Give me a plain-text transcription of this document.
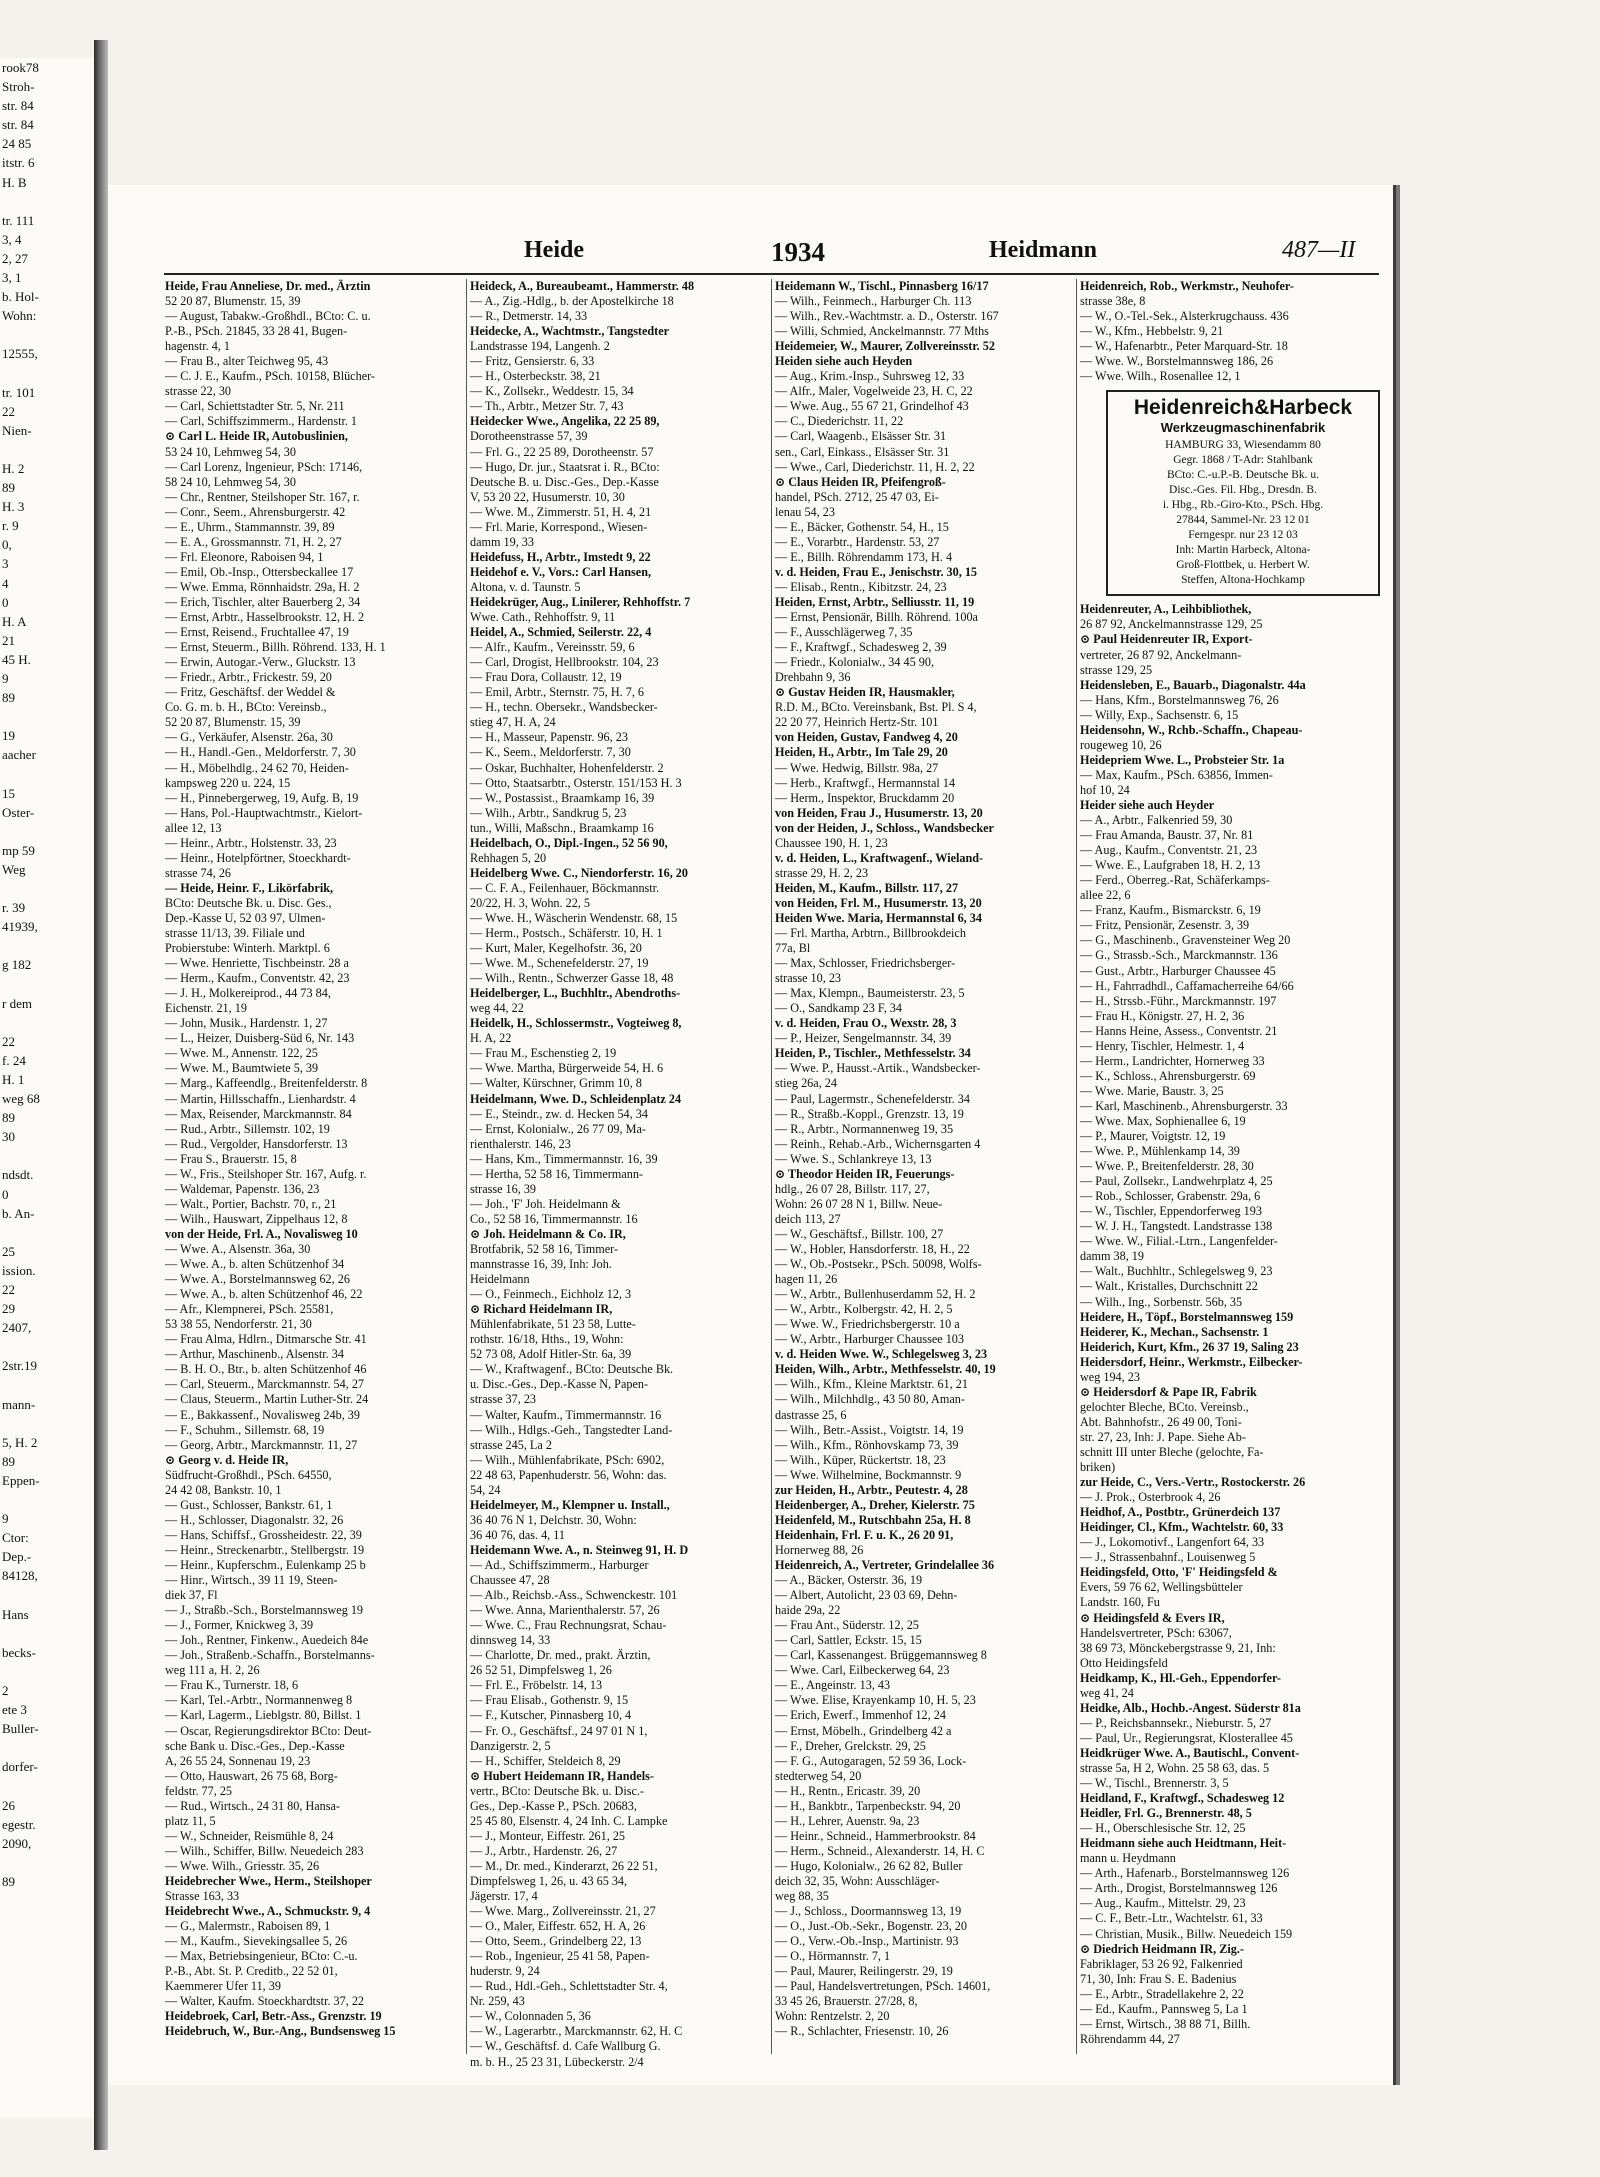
rook78
Stroh-
str. 84
str. 84
24 85
itstr. 6
H. B

tr. 111
3, 4
2, 27
3, 1
b. Hol-
Wohn:

12555,

tr. 101
22
Nien-

H. 2
89
H. 3
r. 9
0,
3
4
0
H. A
21
45 H.
9
89

19
aacher

15
Oster-

mp 59
Weg

r. 39
41939,

g 182

r dem

22
f. 24
H. 1
weg 68
89
30

ndsdt.
0
b. An-

25
ission.
22
29
2407,

2str.19

mann-

5, H. 2
89
Eppen-

9
Ctor:
Dep.-
84128,

Hans

becks-

2
ete 3
Buller-

dorfer-

26
egestr.
2090,

89
Heide	1934	Heidmann	487—II
Heide, Frau Anneliese, Dr. med., Ärztin
52 20 87, Blumenstr. 15, 39
— August, Tabakw.-Großhdl., BCto: C. u.
P.-B., PSch. 21845, 33 28 41, Bugen-
hagenstr. 4, 1
— Frau B., alter Teichweg 95, 43
— C. J. E., Kaufm., PSch. 10158, Blücher-
strasse 22, 30
— Carl, Schiettstadter Str. 5, Nr. 211
— Carl, Schiffszimmerm., Hardenstr. 1
⊙ Carl L. Heide IR, Autobuslinien,
53 24 10, Lehmweg 54, 30
— Carl Lorenz, Ingenieur, PSch: 17146,
58 24 10, Lehmweg 54, 30
— Chr., Rentner, Steilshoper Str. 167, r.
— Conr., Seem., Ahrensburgerstr. 42
— E., Uhrm., Stammannstr. 39, 89
— E. A., Grossmannstr. 71, H. 2, 27
— Frl. Eleonore, Raboisen 94, 1
— Emil, Ob.-Insp., Ottersbeckallee 17
— Wwe. Emma, Rönnhaidstr. 29a, H. 2
— Erich, Tischler, alter Bauerberg 2, 34
— Ernst, Arbtr., Hasselbrookstr. 12, H. 2
— Ernst, Reisend., Fruchtallee 47, 19
— Ernst, Steuerm., Billh. Röhrend. 133, H. 1
— Erwin, Autogar.-Verw., Gluckstr. 13
— Friedr., Arbtr., Frickestr. 59, 20
— Fritz, Geschäftsf. der Weddel &
Co. G. m. b. H., BCto: Vereinsb.,
52 20 87, Blumenstr. 15, 39
— G., Verkäufer, Alsenstr. 26a, 30
— H., Handl.-Gen., Meldorferstr. 7, 30
— H., Möbelhdlg., 24 62 70, Heiden-
kampsweg 220 u. 224, 15
— H., Pinnebergerweg, 19, Aufg. B, 19
— Hans, Pol.-Hauptwachtmstr., Kielort-
allee 12, 13
— Heinr., Arbtr., Holstenstr. 33, 23
— Heinr., Hotelpförtner, Stoeckhardt-
strasse 74, 26
— Heide, Heinr. F., Likörfabrik,
BCto: Deutsche Bk. u. Disc. Ges.,
Dep.-Kasse U, 52 03 97, Ulmen-
strasse 11/13, 39. Filiale und
Probierstube: Winterh. Marktpl. 6
— Wwe. Henriette, Tischbeinstr. 28 a
— Herm., Kaufm., Conventstr. 42, 23
— J. H., Molkereiprod., 44 73 84,
Eichenstr. 21, 19
— John, Musik., Hardenstr. 1, 27
— L., Heizer, Duisberg-Süd 6, Nr. 143
— Wwe. M., Annenstr. 122, 25
— Wwe. M., Baumtwiete 5, 39
— Marg., Kaffeendlg., Breitenfelderstr. 8
— Martin, Hillsschaffn., Lienhardstr. 4
— Max, Reisender, Marckmannstr. 84
— Rud., Arbtr., Sillemstr. 102, 19
— Rud., Vergolder, Hansdorferstr. 13
— Frau S., Brauerstr. 15, 8
— W., Fris., Steilshoper Str. 167, Aufg. r.
— Waldemar, Papenstr. 136, 23
— Walt., Portier, Bachstr. 70, r., 21
— Wilh., Hauswart, Zippelhaus 12, 8
von der Heide, Frl. A., Novalisweg 10
— Wwe. A., Alsenstr. 36a, 30
— Wwe. A., b. alten Schützenhof 34
— Wwe. A., Borstelmannsweg 62, 26
— Wwe. A., b. alten Schützenhof 46, 22
— Afr., Klempnerei, PSch. 25581,
53 38 55, Nendorferstr. 21, 30
— Frau Alma, Hdlrn., Ditmarsche Str. 41
— Arthur, Maschinenb., Alsenstr. 34
— B. H. O., Btr., b. alten Schützenhof 46
— Carl, Steuerm., Marckmannstr. 54, 27
— Claus, Steuerm., Martin Luther-Str. 24
— E., Bakkassenf., Novalisweg 24b, 39
— F., Schuhm., Sillemstr. 68, 19
— Georg, Arbtr., Marckmannstr. 11, 27
⊙ Georg v. d. Heide IR,
Südfrucht-Großhdl., PSch. 64550,
24 42 08, Bankstr. 10, 1
— Gust., Schlosser, Bankstr. 61, 1
— H., Schlosser, Diagonalstr. 32, 26
— Hans, Schiffsf., Grossheidestr. 22, 39
— Heinr., Streckenarbtr., Stellbergstr. 19
— Heinr., Kupferschm., Eulenkamp 25 b
— Hinr., Wirtsch., 39 11 19, Steen-
diek 37, Fl
— J., Straßb.-Sch., Borstelmannsweg 19
— J., Former, Knickweg 3, 39
— Joh., Rentner, Finkenw., Auedeich 84e
— Joh., Straßenb.-Schaffn., Borstelmanns-
weg 111 a, H. 2, 26
— Frau K., Turnerstr. 18, 6
— Karl, Tel.-Arbtr., Normannenweg 8
— Karl, Lagerm., Lieblgstr. 80, Billst. 1
— Oscar, Regierungsdirektor BCto: Deut-
sche Bank u. Disc.-Ges., Dep.-Kasse
A, 26 55 24, Sonnenau 19, 23
— Otto, Hauswart, 26 75 68, Borg-
feldstr. 77, 25
— Rud., Wirtsch., 24 31 80, Hansa-
platz 11, 5
— W., Schneider, Reismühle 8, 24
— Wilh., Schiffer, Billw. Neuedeich 283
— Wwe. Wilh., Griesstr. 35, 26
Heidebrecher Wwe., Herm., Steilshoper
Strasse 163, 33
Heidebrecht Wwe., A., Schmuckstr. 9, 4
— G., Malermstr., Raboisen 89, 1
— M., Kaufm., Sievekingsallee 5, 26
— Max, Betriebsingenieur, BCto: C.-u.
P.-B., Abt. St. P. Creditb., 22 52 01,
Kaemmerer Ufer 11, 39
— Walter, Kaufm. Stoeckhardtstr. 37, 22
Heidebroek, Carl, Betr.-Ass., Grenzstr. 19
Heidebruch, W., Bur.-Ang., Bundsensweg 15
Heideck, A., Bureaubeamt., Hammerstr. 48
— A., Zig.-Hdlg., b. der Apostelkirche 18
— R., Detmerstr. 14, 33
Heidecke, A., Wachtmstr., Tangstedter
Landstrasse 194, Langenh. 2
— Fritz, Gensierstr. 6, 33
— H., Osterbeckstr. 38, 21
— K., Zollsekr., Weddestr. 15, 34
— Th., Arbtr., Metzer Str. 7, 43
Heidecker Wwe., Angelika, 22 25 89,
Dorotheenstrasse 57, 39
— Frl. G., 22 25 89, Dorotheenstr. 57
— Hugo, Dr. jur., Staatsrat i. R., BCto:
Deutsche B. u. Disc.-Ges., Dep.-Kasse
V, 53 20 22, Husumerstr. 10, 30
— Wwe. M., Zimmerstr. 51, H. 4, 21
— Frl. Marie, Korrespond., Wiesen-
damm 19, 33
Heidefuss, H., Arbtr., Imstedt 9, 22
Heidehof e. V., Vors.: Carl Hansen,
Altona, v. d. Taunstr. 5
Heidekrüger, Aug., Linilerer, Rehhoffstr. 7
Wwe. Cath., Rehhoffstr. 9, 11
Heidel, A., Schmied, Seilerstr. 22, 4
— Alfr., Kaufm., Vereinsstr. 59, 6
— Carl, Drogist, Hellbrookstr. 104, 23
— Frau Dora, Collaustr. 12, 19
— Emil, Arbtr., Sternstr. 75, H. 7, 6
— H., techn. Obersekr., Wandsbecker-
stieg 47, H. A, 24
— H., Masseur, Papenstr. 96, 23
— K., Seem., Meldorferstr. 7, 30
— Oskar, Buchhalter, Hohenfelderstr. 2
— Otto, Staatsarbtr., Osterstr. 151/153 H. 3
— W., Postassist., Braamkamp 16, 39
— Wilh., Arbtr., Sandkrug 5, 23
tun., Willi, Maßschn., Braamkamp 16
Heidelbach, O., Dipl.-Ingen., 52 56 90,
Rehhagen 5, 20
Heidelberg Wwe. C., Niendorferstr. 16, 20
— C. F. A., Feilenhauer, Böckmannstr.
20/22, H. 3, Wohn. 22, 5
— Wwe. H., Wäscherin Wendenstr. 68, 15
— Herm., Postsch., Schäferstr. 10, H. 1
— Kurt, Maler, Kegelhofstr. 36, 20
— Wwe. M., Schenefelderstr. 27, 19
— Wilh., Rentn., Schwerzer Gasse 18, 48
Heidelberger, L., Buchhltr., Abendroths-
weg 44, 22
Heidelk, H., Schlossermstr., Vogteiweg 8,
H. A, 22
— Frau M., Eschenstieg 2, 19
— Wwe. Martha, Bürgerweide 54, H. 6
— Walter, Kürschner, Grimm 10, 8
Heidelmann, Wwe. D., Schleidenplatz 24
— E., Steindr., zw. d. Hecken 54, 34
— Ernst, Kolonialw., 26 77 09, Ma-
rienthalerstr. 146, 23
— Hans, Km., Timmermannstr. 16, 39
— Hertha, 52 58 16, Timmermann-
strasse 16, 39
— Joh., 'F' Joh. Heidelmann &
Co., 52 58 16, Timmermannstr. 16
⊙ Joh. Heidelmann & Co. IR,
Brotfabrik, 52 58 16, Timmer-
mannstrasse 16, 39, Inh: Joh.
Heidelmann
— O., Feinmech., Eichholz 12, 3
⊙ Richard Heidelmann IR,
Mühlenfabrikate, 51 23 58, Lutte-
rothstr. 16/18, Hths., 19, Wohn:
52 73 08, Adolf Hitler-Str. 6a, 39
— W., Kraftwagenf., BCto: Deutsche Bk.
u. Disc.-Ges., Dep.-Kasse N, Papen-
strasse 37, 23
— Walter, Kaufm., Timmermannstr. 16
— Wilh., Hdlgs.-Geh., Tangstedter Land-
strasse 245, La 2
— Wilh., Mühlenfabrikate, PSch: 6902,
22 48 63, Papenhuderstr. 56, Wohn: das.
54, 24
Heidelmeyer, M., Klempner u. Install.,
36 40 76 N 1, Delchstr. 30, Wohn:
36 40 76, das. 4, 11
Heidemann Wwe. A., n. Steinweg 91, H. D
— Ad., Schiffszimmerm., Harburger
Chaussee 47, 28
— Alb., Reichsb.-Ass., Schwenckestr. 101
— Wwe. Anna, Marienthalerstr. 57, 26
— Wwe. C., Frau Rechnungsrat, Schau-
dinnsweg 14, 33
— Charlotte, Dr. med., prakt. Ärztin,
26 52 51, Dimpfelsweg 1, 26
— Frl. E., Fröbelstr. 14, 13
— Frau Elisab., Gothenstr. 9, 15
— F., Kutscher, Pinnasberg 10, 4
— Fr. O., Geschäftsf., 24 97 01 N 1,
Danzigerstr. 2, 5
— H., Schiffer, Steldeich 8, 29
⊙ Hubert Heidemann IR, Handels-
vertr., BCto: Deutsche Bk. u. Disc.-
Ges., Dep.-Kasse P., PSch. 20683,
25 45 80, Elsenstr. 4, 24 Inh. C. Lampke
— J., Monteur, Eiffestr. 261, 25
— J., Arbtr., Hardenstr. 26, 27
— M., Dr. med., Kinderarzt, 26 22 51,
Dimpfelsweg 1, 26, u. 43 65 34,
Jägerstr. 17, 4
— Wwe. Marg., Zollvereinsstr. 21, 27
— O., Maler, Eiffestr. 652, H. A, 26
— Otto, Seem., Grindelberg 22, 13
— Rob., Ingenieur, 25 41 58, Papen-
huderstr. 9, 24
— Rud., Hdl.-Geh., Schlettstadter Str. 4,
Nr. 259, 43
— W., Colonnaden 5, 36
— W., Lagerarbtr., Marckmannstr. 62, H. C
— W., Geschäftsf. d. Cafe Wallburg G.
m. b. H., 25 23 31, Lübeckerstr. 2/4
Heidemann W., Tischl., Pinnasberg 16/17
— Wilh., Feinmech., Harburger Ch. 113
— Wilh., Rev.-Wachtmstr. a. D., Osterstr. 167
— Willi, Schmied, Anckelmannstr. 77 Mths
Heidemeier, W., Maurer, Zollvereinsstr. 52
Heiden siehe auch Heyden
— Aug., Krim.-Insp., Suhrsweg 12, 33
— Alfr., Maler, Vogelweide 23, H. C, 22
— Wwe. Aug., 55 67 21, Grindelhof 43
— C., Diederichstr. 11, 22
— Carl, Waagenb., Elsässer Str. 31
sen., Carl, Einkass., Elsässer Str. 31
— Wwe., Carl, Diederichstr. 11, H. 2, 22
⊙ Claus Heiden IR, Pfeifengroß-
handel, PSch. 2712, 25 47 03, Ei-
lenau 54, 23
— E., Bäcker, Gothenstr. 54, H., 15
— E., Vorarbtr., Hardenstr. 53, 27
— E., Billh. Röhrendamm 173, H. 4
v. d. Heiden, Frau E., Jenischstr. 30, 15
— Elisab., Rentn., Kibitzstr. 24, 23
Heiden, Ernst, Arbtr., Selliusstr. 11, 19
— Ernst, Pensionär, Billh. Röhrend. 100a
— F., Ausschlägerweg 7, 35
— F., Kraftwgf., Schadesweg 2, 39
— Friedr., Kolonialw., 34 45 90,
Drehbahn 9, 36
⊙ Gustav Heiden IR, Hausmakler,
R.D. M., BCto. Vereinsbank, Bst. Pl. S 4,
22 20 77, Heinrich Hertz-Str. 101
von Heiden, Gustav, Fandweg 4, 20
Heiden, H., Arbtr., Im Tale 29, 20
— Wwe. Hedwig, Billstr. 98a, 27
— Herb., Kraftwgf., Hermannstal 14
— Herm., Inspektor, Bruckdamm 20
von Heiden, Frau J., Husumerstr. 13, 20
von der Heiden, J., Schloss., Wandsbecker
Chaussee 190, H. 1, 23
v. d. Heiden, L., Kraftwagenf., Wieland-
strasse 29, H. 2, 23
Heiden, M., Kaufm., Billstr. 117, 27
von Heiden, Frl. M., Husumerstr. 13, 20
Heiden Wwe. Maria, Hermannstal 6, 34
— Frl. Martha, Arbtrn., Billbrookdeich
77a, Bl
— Max, Schlosser, Friedrichsberger-
strasse 10, 23
— Max, Klempn., Baumeisterstr. 23, 5
— O., Sandkamp 23 F, 34
v. d. Heiden, Frau O., Wexstr. 28, 3
— P., Heizer, Sengelmannstr. 34, 39
Heiden, P., Tischler., Methfesselstr. 34
— Wwe. P., Hausst.-Artik., Wandsbecker-
stieg 26a, 24
— Paul, Lagermstr., Schenefelderstr. 34
— R., Straßb.-Koppl., Grenzstr. 13, 19
— R., Arbtr., Normannenweg 19, 35
— Reinh., Rehab.-Arb., Wichernsgarten 4
— Wwe. S., Schlankreye 13, 13
⊙ Theodor Heiden IR, Feuerungs-
hdlg., 26 07 28, Billstr. 117, 27,
Wohn: 26 07 28 N 1, Billw. Neue-
deich 113, 27
— W., Geschäftsf., Billstr. 100, 27
— W., Hobler, Hansdorferstr. 18, H., 22
— W., Ob.-Postsekr., PSch. 50098, Wolfs-
hagen 11, 26
— W., Arbtr., Bullenhuserdamm 52, H. 2
— W., Arbtr., Kolbergstr. 42, H. 2, 5
— Wwe. W., Friedrichsbergerstr. 10 a
— W., Arbtr., Harburger Chaussee 103
v. d. Heiden Wwe. W., Schlegelsweg 3, 23
Heiden, Wilh., Arbtr., Methfesselstr. 40, 19
— Wilh., Kfm., Kleine Marktstr. 61, 21
— Wilh., Milchhdlg., 43 50 80, Aman-
dastrasse 25, 6
— Wilh., Betr.-Assist., Voigtstr. 14, 19
— Wilh., Kfm., Rönhovskamp 73, 39
— Wilh., Küper, Rückertstr. 18, 23
— Wwe. Wilhelmine, Bockmannstr. 9
zur Heiden, H., Arbtr., Peutestr. 4, 28
Heidenberger, A., Dreher, Kielerstr. 75
Heidenfeld, M., Rutschbahn 25a, H. 8
Heidenhain, Frl. F. u. K., 26 20 91,
Hornerweg 88, 26
Heidenreich, A., Vertreter, Grindelallee 36
— A., Bäcker, Osterstr. 36, 19
— Albert, Autolicht, 23 03 69, Dehn-
haide 29a, 22
— Frau Ant., Süderstr. 12, 25
— Carl, Sattler, Eckstr. 15, 15
— Carl, Kassenangest. Brüggemannsweg 8
— Wwe. Carl, Eilbeckerweg 64, 23
— E., Angeinstr. 13, 43
— Wwe. Elise, Krayenkamp 10, H. 5, 23
— Erich, Ewerf., Immenhof 12, 24
— Ernst, Möbelh., Grindelberg 42 a
— F., Dreher, Grelckstr. 29, 25
— F. G., Autogaragen, 52 59 36, Lock-
stedterweg 54, 20
— H., Rentn., Ericastr. 39, 20
— H., Bankbtr., Tarpenbeckstr. 94, 20
— H., Lehrer, Auenstr. 9a, 23
— Heinr., Schneid., Hammerbrookstr. 84
— Herm., Schneid., Alexanderstr. 14, H. C
— Hugo, Kolonialw., 26 62 82, Buller
deich 32, 35, Wohn: Ausschläger-
weg 88, 35
— J., Schloss., Doormannsweg 13, 19
— O., Just.-Ob.-Sekr., Bogenstr. 23, 20
— O., Verw.-Ob.-Insp., Martinistr. 93
— O., Hörmannstr. 7, 1
— Paul, Maurer, Reilingerstr. 29, 19
— Paul, Handelsvertretungen, PSch. 14601,
33 45 26, Brauerstr. 27/28, 8,
Wohn: Rentzelstr. 2, 20
— R., Schlachter, Friesenstr. 10, 26
Heidenreich, Rob., Werkmstr., Neuhofer-
strasse 38e, 8
— W., O.-Tel.-Sek., Alsterkrugchauss. 436
— W., Kfm., Hebbelstr. 9, 21
— W., Hafenarbtr., Peter Marquard-Str. 18
— Wwe. W., Borstelmannsweg 186, 26
— Wwe. Wilh., Rosenallee 12, 1
Heidenreich&Harbeck
Werkzeugmaschinenfabrik
HAMBURG 33, Wiesendamm 80
Gegr. 1868 / T-Adr: Stahlbank
BCto: C.-u.P.-B. Deutsche Bk. u.
Disc.-Ges. Fil. Hbg., Dresdn. B.
i. Hbg., Rb.-Giro-Kto., PSch. Hbg.
27844, Sammel-Nr. 23 12 01
Ferngespr. nur 23 12 03
Inh: Martin Harbeck, Altona-
Groß-Flottbek, u. Herbert W.
Steffen, Altona-Hochkamp
Heidenreuter, A., Leihbibliothek,
26 87 92, Anckelmannstrasse 129, 25
⊙ Paul Heidenreuter IR, Export-
vertreter, 26 87 92, Anckelmann-
strasse 129, 25
Heidensleben, E., Bauarb., Diagonalstr. 44a
— Hans, Kfm., Borstelmannsweg 76, 26
— Willy, Exp., Sachsenstr. 6, 15
Heidensohn, W., Rchb.-Schaffn., Chapeau-
rougeweg 10, 26
Heidepriem Wwe. L., Probsteier Str. 1a
— Max, Kaufm., PSch. 63856, Immen-
hof 10, 24
Heider siehe auch Heyder
— A., Arbtr., Falkenried 59, 30
— Frau Amanda, Baustr. 37, Nr. 81
— Aug., Kaufm., Conventstr. 21, 23
— Wwe. E., Laufgraben 18, H. 2, 13
— Ferd., Oberreg.-Rat, Schäferkamps-
allee 22, 6
— Franz, Kaufm., Bismarckstr. 6, 19
— Fritz, Pensionär, Zesenstr. 3, 39
— G., Maschinenb., Gravensteiner Weg 20
— G., Strassb.-Sch., Marckmannstr. 136
— Gust., Arbtr., Harburger Chaussee 45
— H., Fahrradhdl., Caffamacherreihe 64/66
— H., Strssb.-Führ., Marckmannstr. 197
— Frau H., Königstr. 27, H. 2, 36
— Hanns Heine, Assess., Conventstr. 21
— Henry, Tischler, Helmestr. 1, 4
— Herm., Landrichter, Hornerweg 33
— K., Schloss., Ahrensburgerstr. 69
— Wwe. Marie, Baustr. 3, 25
— Karl, Maschinenb., Ahrensburgerstr. 33
— Wwe. Max, Sophienallee 6, 19
— P., Maurer, Voigtstr. 12, 19
— Wwe. P., Mühlenkamp 14, 39
— Wwe. P., Breitenfelderstr. 28, 30
— Paul, Zollsekr., Landwehrplatz 4, 25
— Rob., Schlosser, Grabenstr. 29a, 6
— W., Tischler, Eppendorferweg 193
— W. J. H., Tangstedt. Landstrasse 138
— Wwe. W., Filial.-Ltrn., Langenfelder-
damm 38, 19
— Walt., Buchhltr., Schlegelsweg 9, 23
— Walt., Kristalles, Durchschnitt 22
— Wilh., Ing., Sorbenstr. 56b, 35
Heidere, H., Töpf., Borstelmannsweg 159
Heiderer, K., Mechan., Sachsenstr. 1
Heiderich, Kurt, Kfm., 26 37 19, Saling 23
Heidersdorf, Heinr., Werkmstr., Eilbecker-
weg 194, 23
⊙ Heidersdorf & Pape IR, Fabrik
gelochter Bleche, BCto. Vereinsb.,
Abt. Bahnhofstr., 26 49 00, Toni-
str. 27, 23, Inh: J. Pape. Siehe Ab-
schnitt III unter Bleche (gelochte, Fa-
briken)
zur Heide, C., Vers.-Vertr., Rostockerstr. 26
— J. Prok., Osterbrook 4, 26
Heidhof, A., Postbtr., Grünerdeich 137
Heidinger, Cl., Kfm., Wachtelstr. 60, 33
— J., Lokomotivf., Langenfort 64, 33
— J., Strassenbahnf., Louisenweg 5
Heidingsfeld, Otto, 'F' Heidingsfeld &
Evers, 59 76 62, Wellingsbütteler
Landstr. 160, Fu
⊙ Heidingsfeld & Evers IR,
Handelsvertreter, PSch: 63067,
38 69 73, Mönckebergstrasse 9, 21, Inh:
Otto Heidingsfeld
Heidkamp, K., Hl.-Geh., Eppendorfer-
weg 41, 24
Heidke, Alb., Hochb.-Angest. Süderstr 81a
— P., Reichsbannsekr., Nieburstr. 5, 27
— Paul, Ur., Regierungsrat, Klosterallee 45
Heidkrüger Wwe. A., Bautischl., Convent-
strasse 5a, H 2, Wohn. 25 58 63, das. 5
— W., Tischl., Brennerstr. 3, 5
Heidland, F., Kraftwgf., Schadesweg 12
Heidler, Frl. G., Brennerstr. 48, 5
— H., Oberschlesische Str. 12, 25
Heidmann siehe auch Heidtmann, Heit-
mann u. Heydmann
— Arth., Hafenarb., Borstelmannsweg 126
— Arth., Drogist, Borstelmannsweg 126
— Aug., Kaufm., Mittelstr. 29, 23
— C. F., Betr.-Ltr., Wachtelstr. 61, 33
— Christian, Musik., Billw. Neuedeich 159
⊙ Diedrich Heidmann IR, Zig.-
Fabriklager, 53 26 92, Falkenried
71, 30, Inh: Frau S. E. Badenius
— E., Arbtr., Stradellakehre 2, 22
— Ed., Kaufm., Pannsweg 5, La 1
— Ernst, Wirtsch., 38 88 71, Billh.
Röhrendamm 44, 27
